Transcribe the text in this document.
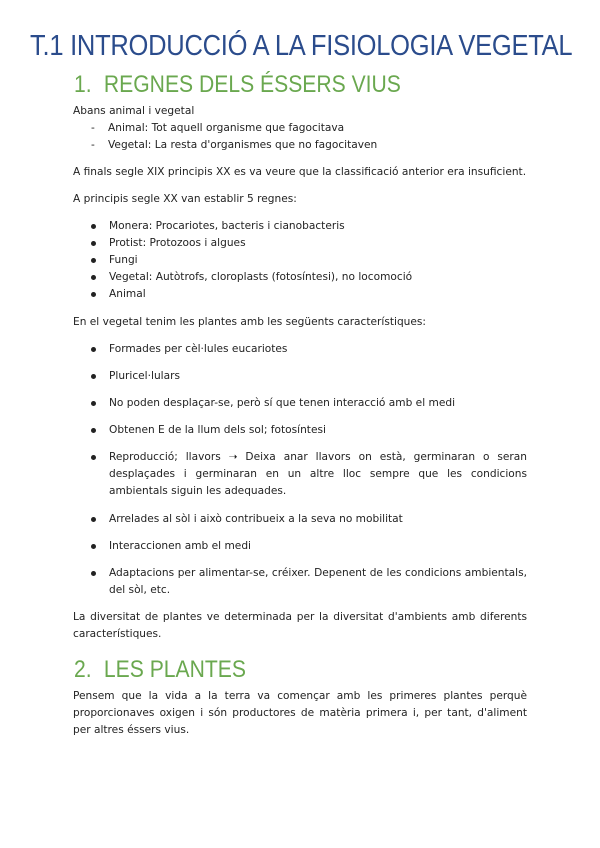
T.1 INTRODUCCIÓ A LA FISIOLOGIA VEGETAL
1. REGNES DELS ÉSSERS VIUS
Abans animal i vegetal
- Animal: Tot aquell organisme que fagocitava
- Vegetal: La resta d'organismes que no fagocitaven
A finals segle XIX principis XX es va veure que la classificació anterior era insuficient.
A principis segle XX van establir 5 regnes:
Monera: Procariotes, bacteris i cianobacteris
Protist: Protozoos i algues
Fungi
Vegetal: Autòtrofs, cloroplasts (fotosíntesi), no locomoció
Animal
En el vegetal tenim les plantes amb les següents característiques:
Formades per cèl·lules eucariotes
Pluricel·lulars
No poden desplaçar-se, però sí que tenen interacció amb el medi
Obtenen E de la llum dels sol; fotosíntesi
Reproducció; llavors ➝ Deixa anar llavors on està, germinaran o seran desplaçades i germinaran en un altre lloc sempre que les condicions ambientals siguin les adequades.
Arrelades al sòl i això contribueix a la seva no mobilitat
Interaccionen amb el medi
Adaptacions per alimentar-se, créixer. Depenent de les condicions ambientals, del sòl, etc.
La diversitat de plantes ve determinada per la diversitat d'ambients amb diferents característiques.
2. LES PLANTES
Pensem que la vida a la terra va començar amb les primeres plantes perquè proporcionaves oxigen i són productores de matèria primera i, per tant, d'aliment per altres éssers vius.
